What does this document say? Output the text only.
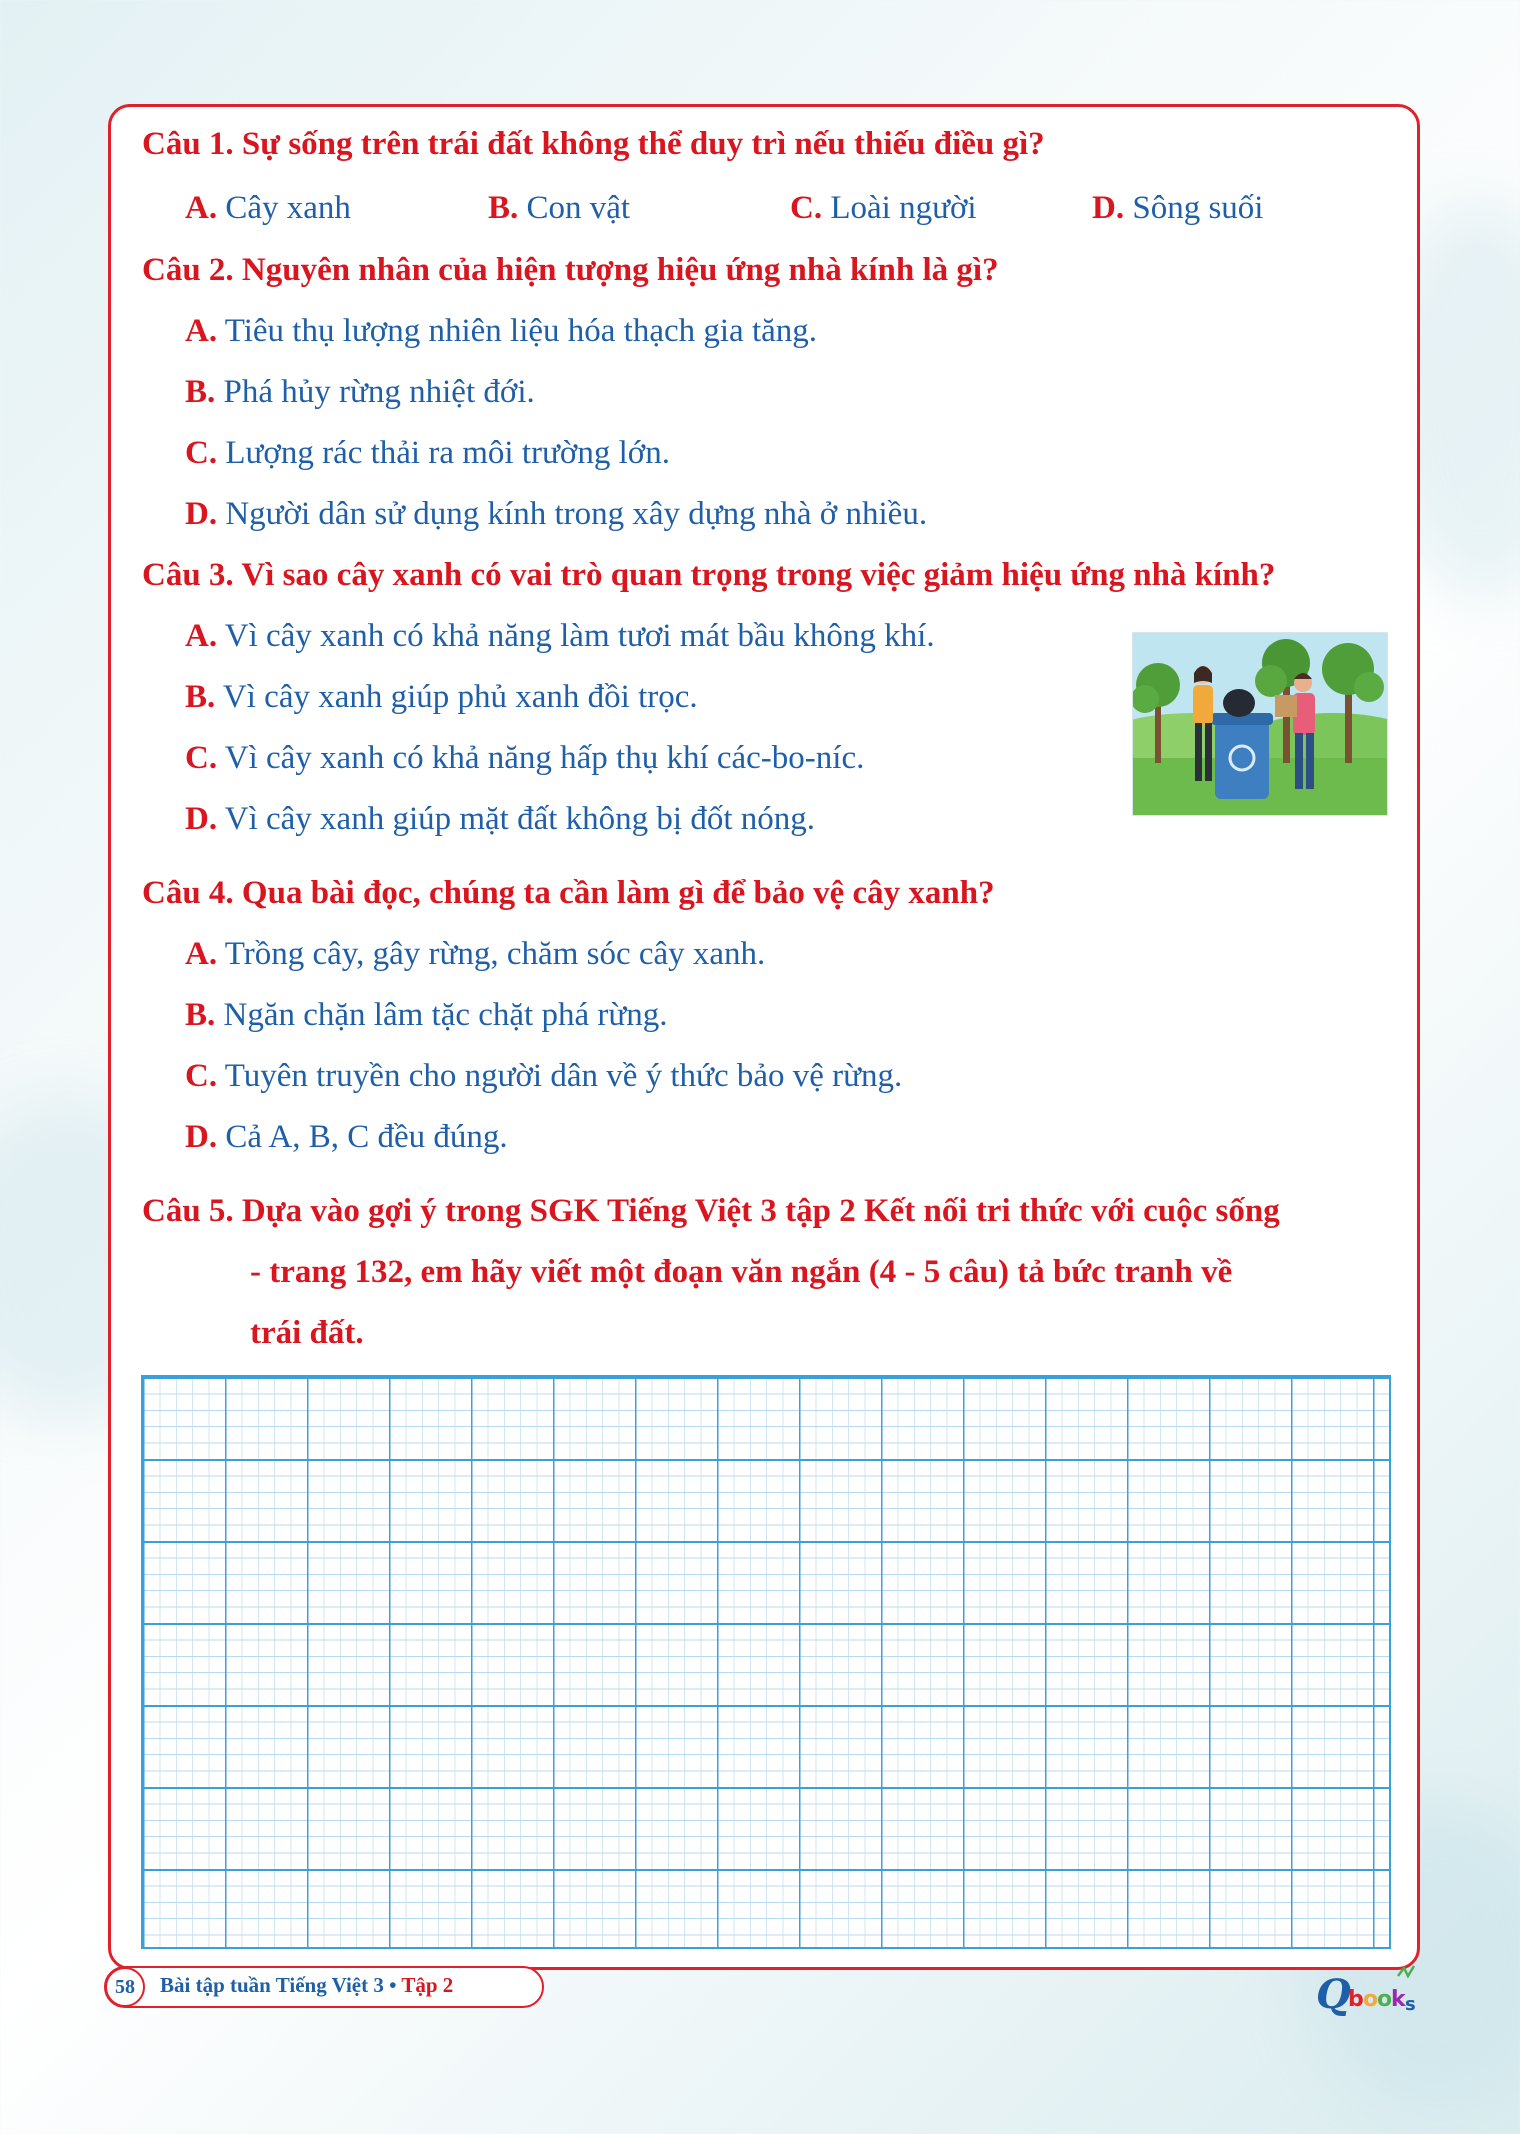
Câu 1. Sự sống trên trái đất không thể duy trì nếu thiếu điều gì?
A. Cây xanh	B. Con vật	C. Loài người	D. Sông suối
Câu 2. Nguyên nhân của hiện tượng hiệu ứng nhà kính là gì?
A. Tiêu thụ lượng nhiên liệu hóa thạch gia tăng.
B. Phá hủy rừng nhiệt đới.
C. Lượng rác thải ra môi trường lớn.
D. Người dân sử dụng kính trong xây dựng nhà ở nhiều.
Câu 3. Vì sao cây xanh có vai trò quan trọng trong việc giảm hiệu ứng nhà kính?
A. Vì cây xanh có khả năng làm tươi mát bầu không khí.
B. Vì cây xanh giúp phủ xanh đồi trọc.
C. Vì cây xanh có khả năng hấp thụ khí các-bo-níc.
D. Vì cây xanh giúp mặt đất không bị đốt nóng.
Câu 4. Qua bài đọc, chúng ta cần làm gì để bảo vệ cây xanh?
A. Trồng cây, gây rừng, chăm sóc cây xanh.
B. Ngăn chặn lâm tặc chặt phá rừng.
C. Tuyên truyền cho người dân về ý thức bảo vệ rừng.
D. Cả A, B, C đều đúng.
Câu 5. Dựa vào gợi ý trong SGK Tiếng Việt 3 tập 2 Kết nối tri thức với cuộc sống
- trang 132, em hãy viết một đoạn văn ngắn (4 - 5 câu) tả bức tranh về
trái đất.
58	Bài tập tuần Tiếng Việt 3 • Tập 2	Q
b o
o
k s
